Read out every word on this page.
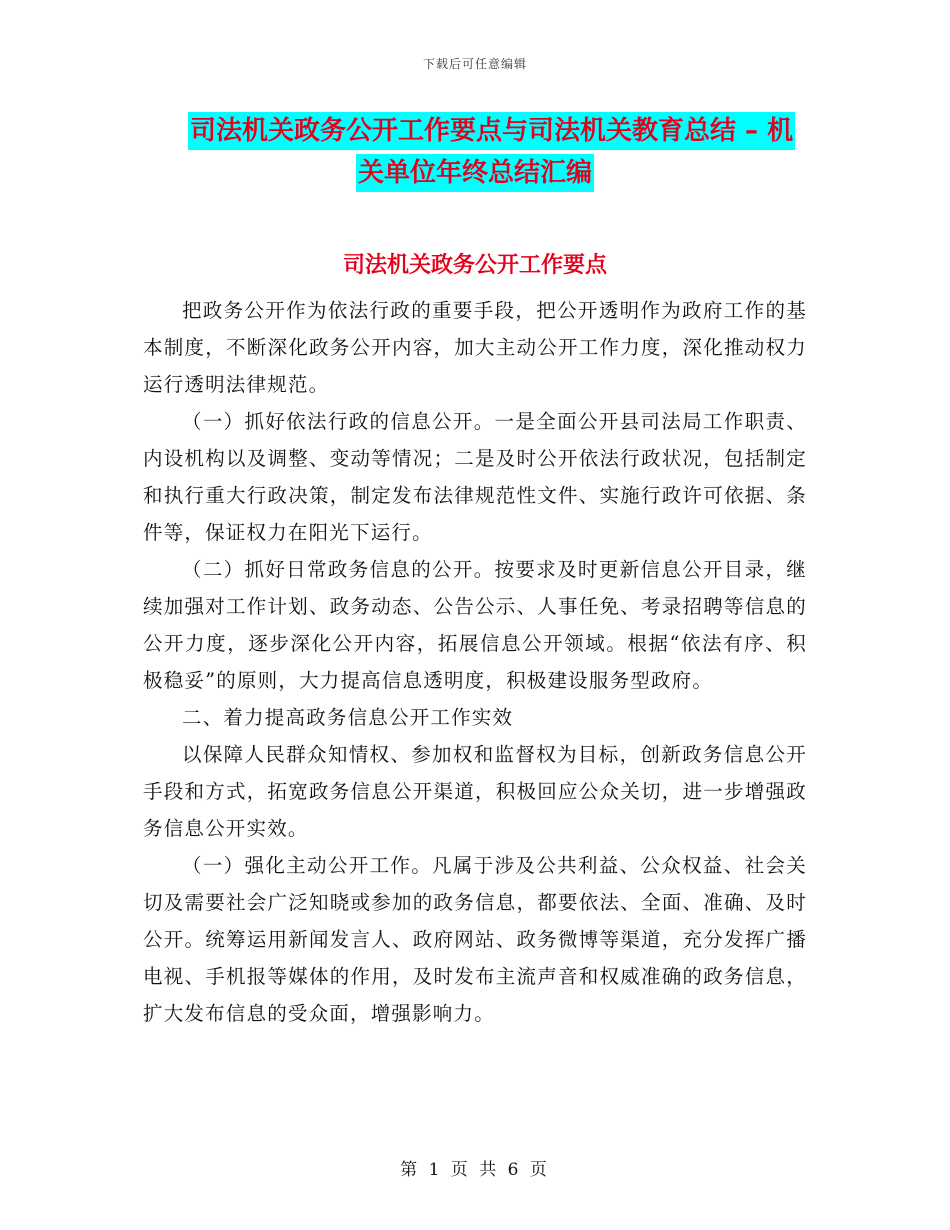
下载后可任意编辑
司法机关政务公开工作要点与司法机关教育总结 – 机
关单位年终总结汇编
司法机关政务公开工作要点

把政务公开作为依法行政的重要手段，把公开透明作为政府工作的基本制度，不断深化政务公开内容，加大主动公开工作力度，深化推动权力运行透明法律规范。

（一）抓好依法行政的信息公开。一是全面公开县司法局工作职责、内设机构以及调整、变动等情况；二是及时公开依法行政状况，包括制定和执行重大行政决策，制定发布法律规范性文件、实施行政许可依据、条件等，保证权力在阳光下运行。

（二）抓好日常政务信息的公开。按要求及时更新信息公开目录，继续加强对工作计划、政务动态、公告公示、人事任免、考录招聘等信息的公开力度，逐步深化公开内容，拓展信息公开领域。根据“依法有序、积极稳妥”的原则，大力提高信息透明度，积极建设服务型政府。

二、着力提高政务信息公开工作实效

以保障人民群众知情权、参加权和监督权为目标，创新政务信息公开手段和方式，拓宽政务信息公开渠道，积极回应公众关切，进一步增强政务信息公开实效。

（一）强化主动公开工作。凡属于涉及公共利益、公众权益、社会关切及需要社会广泛知晓或参加的政务信息，都要依法、全面、准确、及时公开。统筹运用新闻发言人、政府网站、政务微博等渠道，充分发挥广播电视、手机报等媒体的作用，及时发布主流声音和权威准确的政务信息，扩大发布信息的受众面，增强影响力。

第 1 页 共 6 页
